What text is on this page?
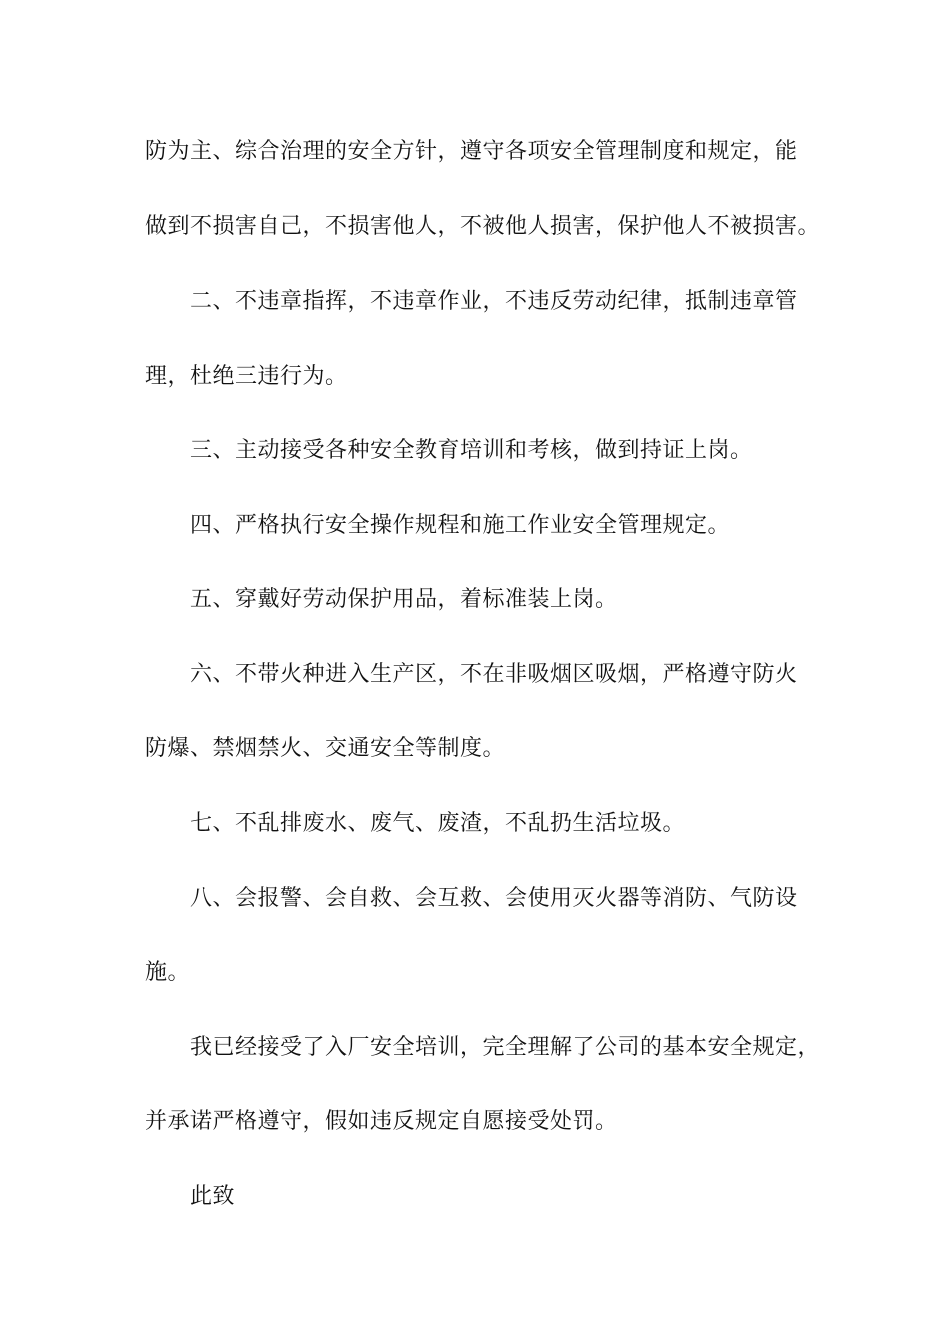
防为主、综合治理的安全方针，遵守各项安全管理制度和规定，能
做到不损害自己，不损害他人，不被他人损害，保护他人不被损害。
二、不违章指挥，不违章作业，不违反劳动纪律，抵制违章管
理，杜绝三违行为。
三、主动接受各种安全教育培训和考核，做到持证上岗。
四、严格执行安全操作规程和施工作业安全管理规定。
五、穿戴好劳动保护用品，着标准装上岗。
六、不带火种进入生产区，不在非吸烟区吸烟，严格遵守防火
防爆、禁烟禁火、交通安全等制度。
七、不乱排废水、废气、废渣，不乱扔生活垃圾。
八、会报警、会自救、会互救、会使用灭火器等消防、气防设
施。
我已经接受了入厂安全培训，完全理解了公司的基本安全规定，
并承诺严格遵守，假如违反规定自愿接受处罚。
此致
